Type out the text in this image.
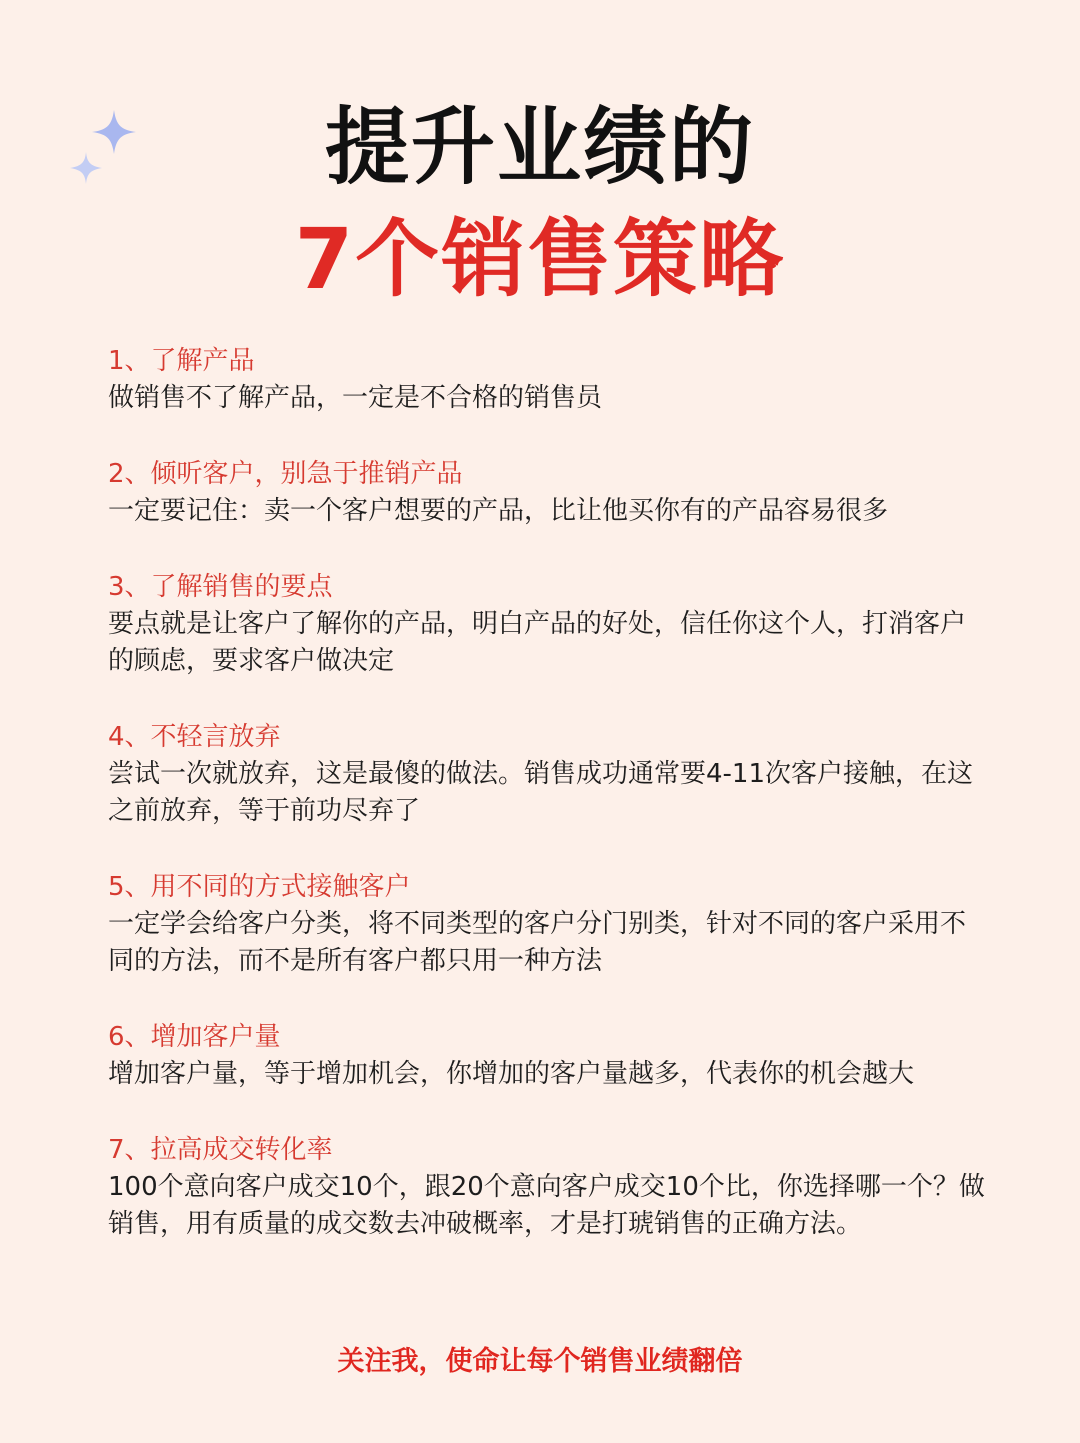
提升业绩的
7个销售策略

1、了解产品

做销售不了解产品，一定是不合格的销售员

2、倾听客户，别急于推销产品

一定要记住：卖一个客户想要的产品，比让他买你有的产品容易很多

3、了解销售的要点

要点就是让客户了解你的产品，明白产品的好处，信任你这个人，打消客户的顾虑，要求客户做决定

4、不轻言放弃

尝试一次就放弃，这是最傻的做法。销售成功通常要4-11次客户接触，在这之前放弃，等于前功尽弃了

5、用不同的方式接触客户

一定学会给客户分类，将不同类型的客户分门别类，针对不同的客户采用不同的方法，而不是所有客户都只用一种方法

6、增加客户量

增加客户量，等于增加机会，你增加的客户量越多，代表你的机会越大

7、拉高成交转化率

100个意向客户成交10个，跟20个意向客户成交10个比，你选择哪一个？做销售，用有质量的成交数去冲破概率，才是打琥销售的正确方法。

关注我，使命让每个销售业绩翻倍
